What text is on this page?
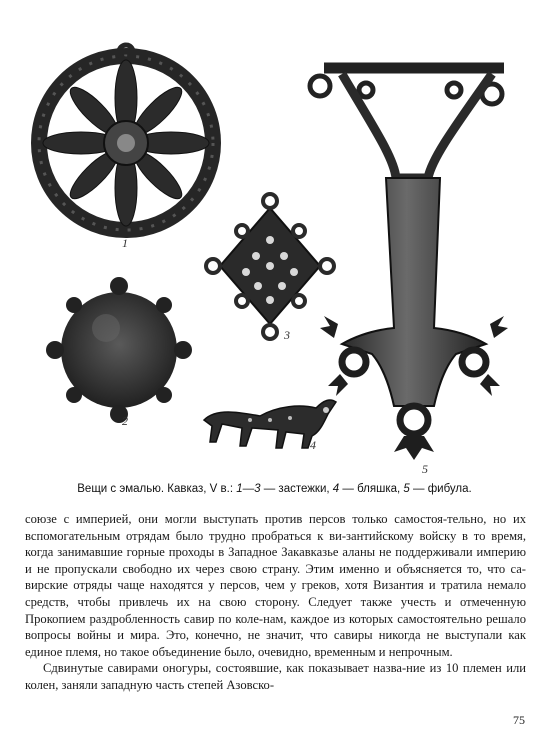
1
2
3
4
5
Вещи с эмалью. Кавказ, V в.: 1—3 — застежки, 4 — бляшка, 5 — фибула.

союзе с империей, они могли выступать против персов только самостоя-тельно, но их вспомогательным отрядам было трудно пробраться к ви-зантийскому войску в то время, когда занимавшие горные проходы в Западное Закавказье аланы не поддерживали империю и не пропускали свободно их через свою страну. Этим именно и объясняется то, что са-вирские отряды чаще находятся у персов, чем у греков, хотя Византия и тратила немало средств, чтобы привлечь их на свою сторону. Следует также учесть и отмеченную Прокопием раздробленность савир по коле-нам, каждое из которых самостоятельно решало вопросы войны и мира. Это, конечно, не значит, что савиры никогда не выступали как единое племя, но такое объединение было, очевидно, временным и непрочным.

Сдвинутые савирами оногуры, состоявшие, как показывает назва-ние из 10 племен или колен, заняли западную часть степей Азовско-

75
